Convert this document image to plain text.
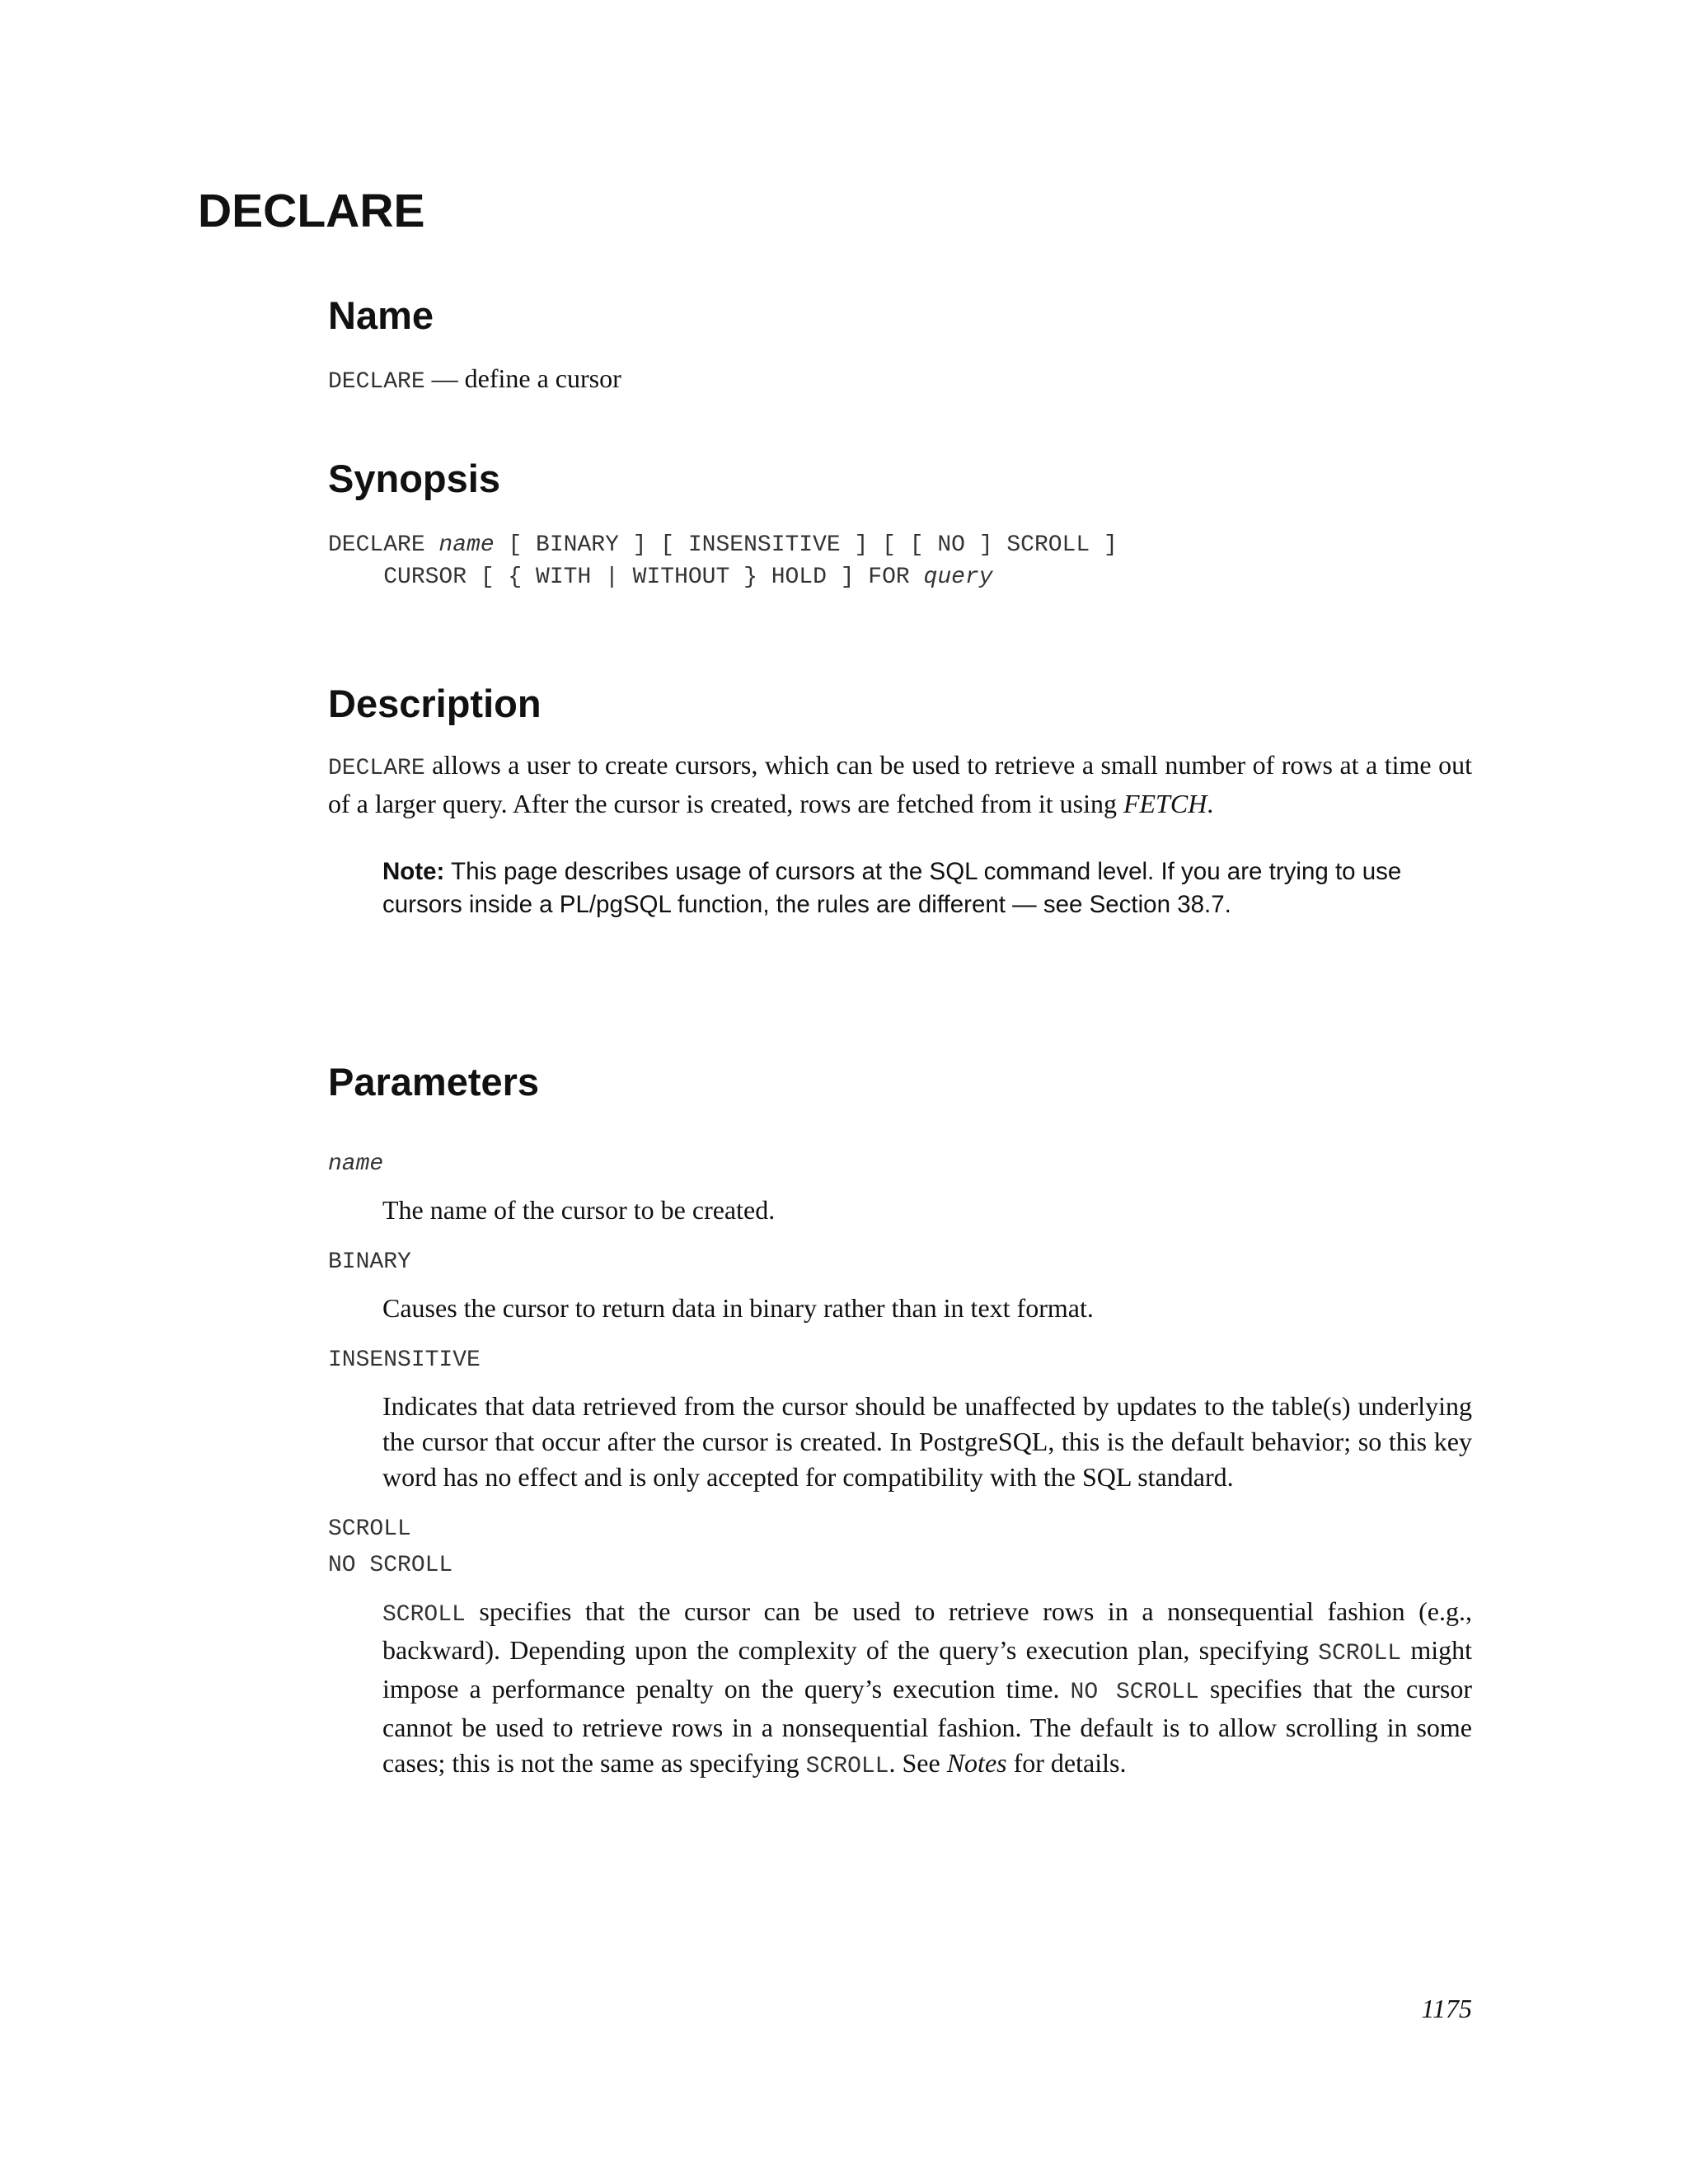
DECLARE
Name

DECLARE — define a cursor

Synopsis
DECLARE name [ BINARY ] [ INSENSITIVE ] [ [ NO ] SCROLL ]
CURSOR [ { WITH | WITHOUT } HOLD ] FOR query
Description

DECLARE allows a user to create cursors, which can be used to retrieve a small number of rows at a time out of a larger query. After the cursor is created, rows are fetched from it using FETCH.

Note: This page describes usage of cursors at the SQL command level. If you are trying to use cursors inside a PL/pgSQL function, the rules are different — see Section 38.7.

Parameters

name

The name of the cursor to be created.

BINARY

Causes the cursor to return data in binary rather than in text format.

INSENSITIVE

Indicates that data retrieved from the cursor should be unaffected by updates to the table(s) underlying the cursor that occur after the cursor is created. In PostgreSQL, this is the default behavior; so this key word has no effect and is only accepted for compatibility with the SQL standard.

SCROLL

NO SCROLL

SCROLL specifies that the cursor can be used to retrieve rows in a nonsequential fashion (e.g., backward). Depending upon the complexity of the query’s execution plan, specifying SCROLL might impose a performance penalty on the query’s execution time. NO SCROLL specifies that the cursor cannot be used to retrieve rows in a nonsequential fashion. The default is to allow scrolling in some cases; this is not the same as specifying SCROLL. See Notes for details.

1175
